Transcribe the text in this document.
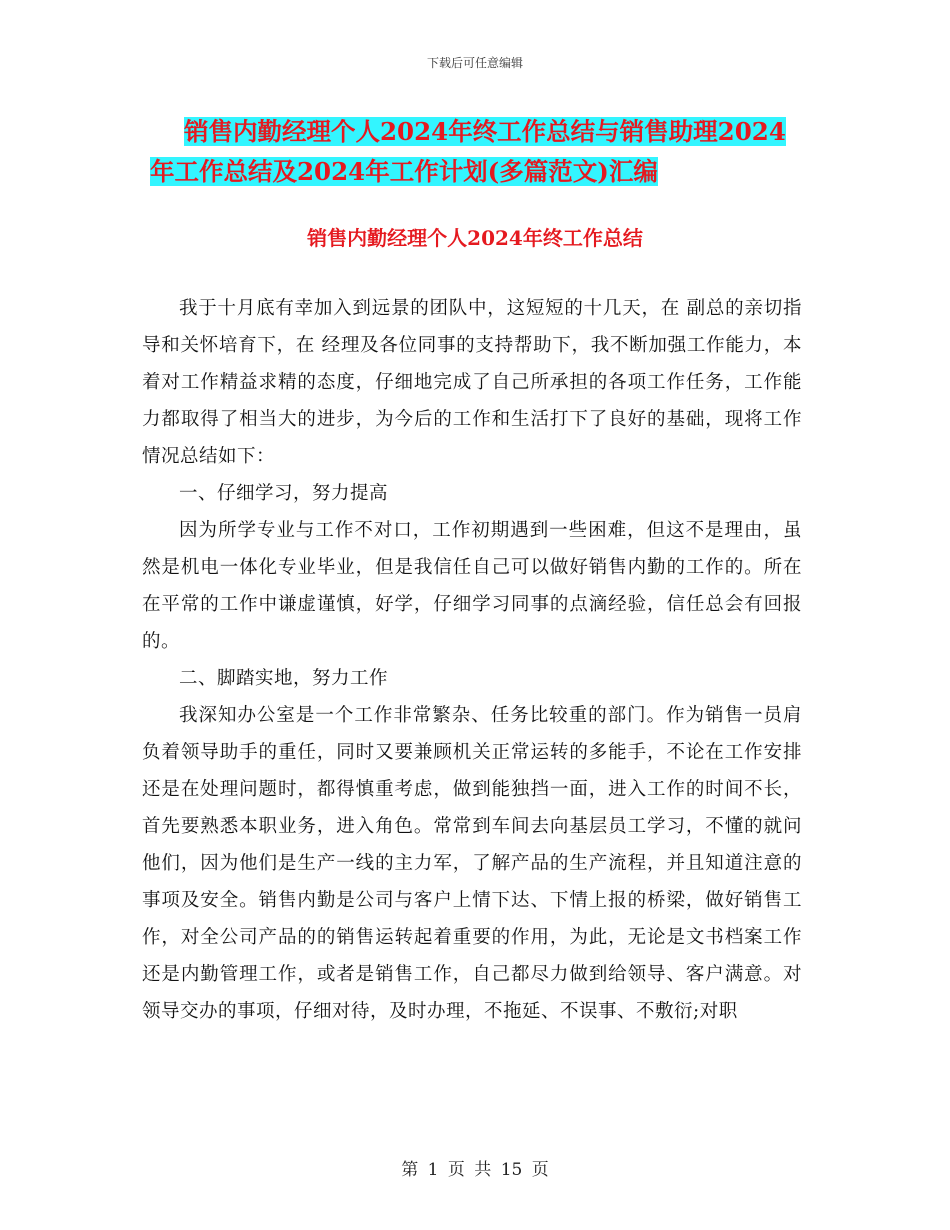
下载后可任意编辑
销售内勤经理个人2024年终工作总结与销售助理2024
年工作总结及2024年工作计划(多篇范文)汇编
销售内勤经理个人2024年终工作总结

我于十月底有幸加入到远景的团队中，这短短的十几天，在 副总的亲切指导和关怀培育下，在 经理及各位同事的支持帮助下，我不断加强工作能力，本着对工作精益求精的态度，仔细地完成了自己所承担的各项工作任务，工作能力都取得了相当大的进步，为今后的工作和生活打下了良好的基础，现将工作情况总结如下：

一、仔细学习，努力提高

因为所学专业与工作不对口，工作初期遇到一些困难，但这不是理由，虽然是机电一体化专业毕业，但是我信任自己可以做好销售内勤的工作的。所在在平常的工作中谦虚谨慎，好学，仔细学习同事的点滴经验，信任总会有回报的。

二、脚踏实地，努力工作

我深知办公室是一个工作非常繁杂、任务比较重的部门。作为销售一员肩负着领导助手的重任，同时又要兼顾机关正常运转的多能手，不论在工作安排还是在处理问题时，都得慎重考虑，做到能独挡一面，进入工作的时间不长，首先要熟悉本职业务，进入角色。常常到车间去向基层员工学习，不懂的就问他们，因为他们是生产一线的主力军，了解产品的生产流程，并且知道注意的事项及安全。销售内勤是公司与客户上情下达、下情上报的桥梁，做好销售工作，对全公司产品的的销售运转起着重要的作用，为此，无论是文书档案工作还是内勤管理工作，或者是销售工作，自己都尽力做到给领导、客户满意。对领导交办的事项，仔细对待，及时办理，不拖延、不误事、不敷衍;对职

第 1 页 共 15 页
